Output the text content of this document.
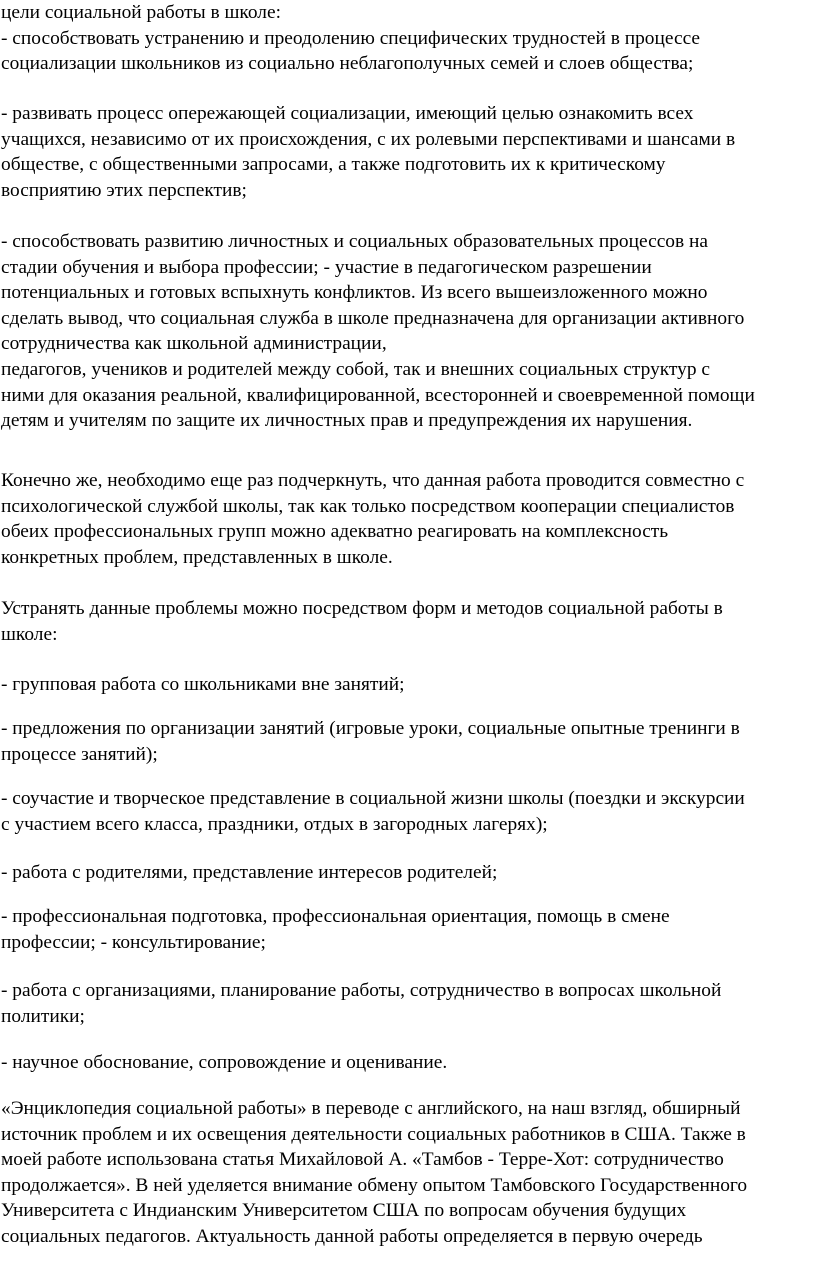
цели социальной работы в школе:
- способствовать устранению и преодолению специфических трудностей в процессе
социализации школьников из социально неблагополучных семей и слоев общества;

- развивать процесс опережающей социализации, имеющий целью ознакомить всех
учащихся, независимо от их происхождения, с их ролевыми перспективами и шансами в
обществе, с общественными запросами, а также подготовить их к критическому
восприятию этих перспектив;

- способствовать развитию личностных и социальных образовательных процессов на
стадии обучения и выбора профессии; - участие в педагогическом разрешении
потенциальных и готовых вспыхнуть конфликтов. Из всего вышеизложенного можно
сделать вывод, что социальная служба в школе предназначена для организации активного
сотрудничества как школьной администрации,
педагогов, учеников и родителей между собой, так и внешних социальных структур с
ними для оказания реальной, квалифицированной, всесторонней и своевременной помощи
детям и учителям по защите их личностных прав и предупреждения их нарушения.

Конечно же, необходимо еще раз подчеркнуть, что данная работа проводится совместно с
психологической службой школы, так как только посредством кооперации специалистов
обеих профессиональных групп можно адекватно реагировать на комплексность
конкретных проблем, представленных в школе.

Устранять данные проблемы можно посредством форм и методов социальной работы в
школе:

- групповая работа со школьниками вне занятий;

- предложения по организации занятий (игровые уроки, социальные опытные тренинги в
процессе занятий);

- соучастие и творческое представление в социальной жизни школы (поездки и экскурсии
с участием всего класса, праздники, отдых в загородных лагерях);

- работа с родителями, представление интересов родителей;

- профессиональная подготовка, профессиональная ориентация, помощь в смене
профессии; - консультирование;

- работа с организациями, планирование работы, сотрудничество в вопросах школьной
политики;

- научное обоснование, сопровождение и оценивание.

«Энциклопедия социальной работы» в переводе с английского, на наш взгляд, обширный
источник проблем и их освещения деятельности социальных работников в США. Также в
моей работе использована статья Михайловой А. «Тамбов - Терре-Хот: сотрудничество
продолжается». В ней уделяется внимание обмену опытом Тамбовского Государственного
Университета с Индианским Университетом США по вопросам обучения будущих
социальных педагогов. Актуальность данной работы определяется в первую очередь
